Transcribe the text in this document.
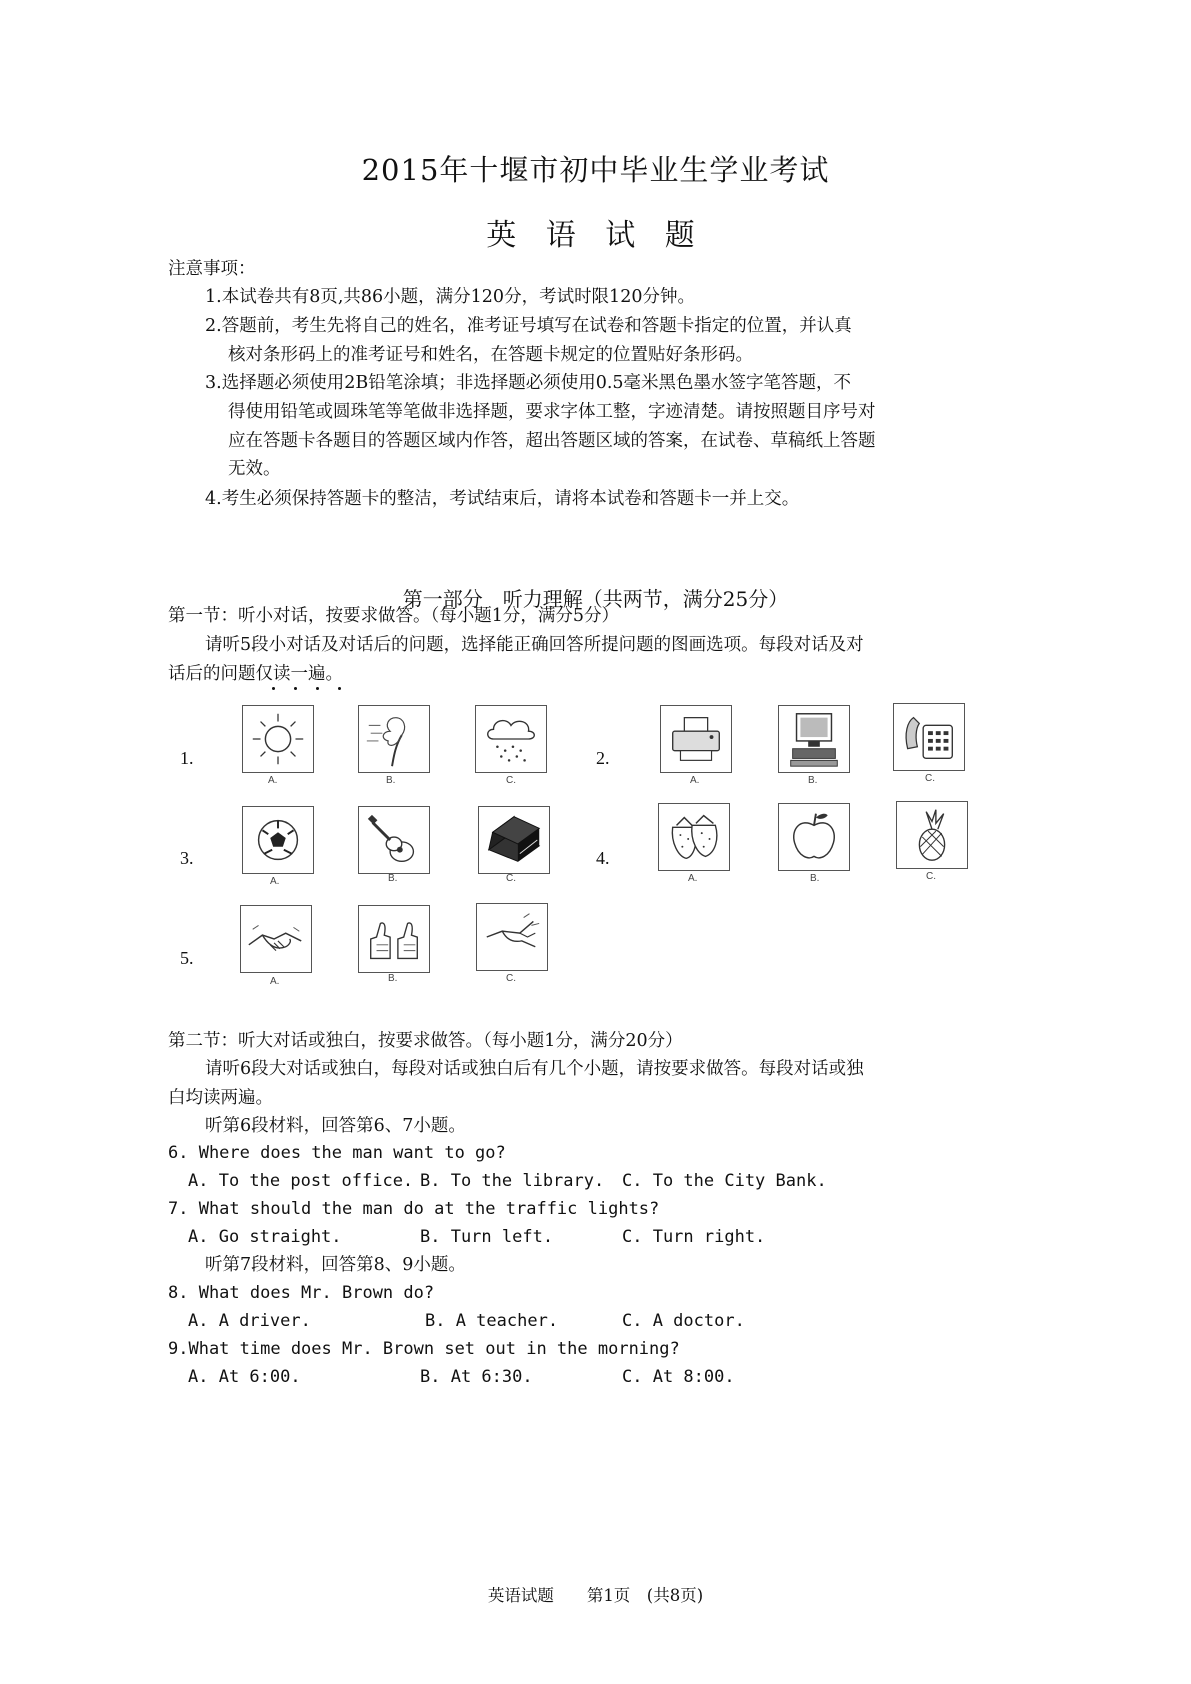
2015年十堰市初中毕业生学业考试
英 语 试 题
注意事项：
1.本试卷共有8页,共86小题，满分120分，考试时限120分钟。
2.答题前，考生先将自己的姓名，准考证号填写在试卷和答题卡指定的位置，并认真
核对条形码上的准考证号和姓名，在答题卡规定的位置贴好条形码。
3.选择题必须使用2B铅笔涂填；非选择题必须使用0.5毫米黑色墨水签字笔答题，不
得使用铅笔或圆珠笔等笔做非选择题，要求字体工整，字迹清楚。请按照题目序号对
应在答题卡各题目的答题区域内作答，超出答题区域的答案，在试卷、草稿纸上答题
无效。
4.考生必须保持答题卡的整洁，考试结束后，请将本试卷和答题卡一并上交。
第一部分　听力理解（共两节，满分25分）
第一节：听小对话，按要求做答。（每小题1分，满分5分）
请听5段小对话及对话后的问题，选择能正确回答所提问题的图画选项。每段对话及对
话后的问题仅读一遍。
1.
A.	B.	C.
2.
A.	B.	C.
3.
A.	B.	C.
4.
A.	B.	C.
5.
A.	B.	C.
第二节：听大对话或独白，按要求做答。（每小题1分，满分20分）
请听6段大对话或独白，每段对话或独白后有几个小题，请按要求做答。每段对话或独
白均读两遍。
听第6段材料，回答第6、7小题。
6. Where does the man want to go?
A. To the post office. B. To the library. C. To the City Bank.
7. What should the man do at the traffic lights?
A. Go straight.	B. Turn left.	C. Turn right.
听第7段材料，回答第8、9小题。
8. What does Mr. Brown do?
A. A driver.	B. A teacher.	C. A doctor.
9.What time does Mr. Brown set out in the morning?
A. At 6:00.	B. At 6:30.	C. At 8:00.
英语试题　　第1页　(共8页)
